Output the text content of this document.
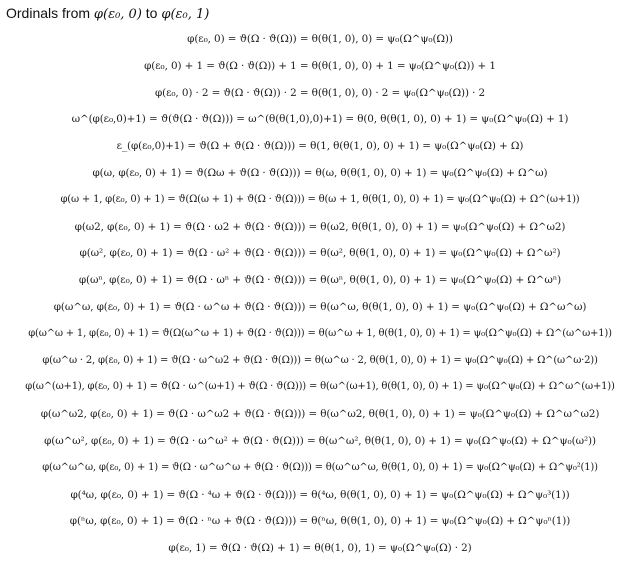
Ordinals from φ(ε₀, 0) to φ(ε₀, 1)
φ(ε₀, 0) = ϑ(Ω · ϑ(Ω)) = θ(θ(1, 0), 0) = ψ₀(Ω^ψ₀(Ω))
φ(ε₀, 0) + 1 = ϑ(Ω · ϑ(Ω)) + 1 = θ(θ(1, 0), 0) + 1 = ψ₀(Ω^ψ₀(Ω)) + 1
φ(ε₀, 0) · 2 = ϑ(Ω · ϑ(Ω)) · 2 = θ(θ(1, 0), 0) · 2 = ψ₀(Ω^ψ₀(Ω)) · 2
ω^(φ(ε₀,0)+1) = ϑ(ϑ(Ω · ϑ(Ω))) = ω^(θ(θ(1,0),0)+1) = θ(0, θ(θ(1, 0), 0) + 1) = ψ₀(Ω^ψ₀(Ω) + 1)
ε_(φ(ε₀,0)+1) = ϑ(Ω + ϑ(Ω · ϑ(Ω))) = θ(1, θ(θ(1, 0), 0) + 1) = ψ₀(Ω^ψ₀(Ω) + Ω)
φ(ω, φ(ε₀, 0) + 1) = ϑ(Ωω + ϑ(Ω · ϑ(Ω))) = θ(ω, θ(θ(1, 0), 0) + 1) = ψ₀(Ω^ψ₀(Ω) + Ω^ω)
φ(ω + 1, φ(ε₀, 0) + 1) = ϑ(Ω(ω + 1) + ϑ(Ω · ϑ(Ω))) = θ(ω + 1, θ(θ(1, 0), 0) + 1) = ψ₀(Ω^ψ₀(Ω) + Ω^(ω+1))
φ(ω2, φ(ε₀, 0) + 1) = ϑ(Ω · ω2 + ϑ(Ω · ϑ(Ω))) = θ(ω2, θ(θ(1, 0), 0) + 1) = ψ₀(Ω^ψ₀(Ω) + Ω^ω2)
φ(ω², φ(ε₀, 0) + 1) = ϑ(Ω · ω² + ϑ(Ω · ϑ(Ω))) = θ(ω², θ(θ(1, 0), 0) + 1) = ψ₀(Ω^ψ₀(Ω) + Ω^ω²)
φ(ωⁿ, φ(ε₀, 0) + 1) = ϑ(Ω · ωⁿ + ϑ(Ω · ϑ(Ω))) = θ(ωⁿ, θ(θ(1, 0), 0) + 1) = ψ₀(Ω^ψ₀(Ω) + Ω^ωⁿ)
φ(ω^ω, φ(ε₀, 0) + 1) = ϑ(Ω · ω^ω + ϑ(Ω · ϑ(Ω))) = θ(ω^ω, θ(θ(1, 0), 0) + 1) = ψ₀(Ω^ψ₀(Ω) + Ω^ω^ω)
φ(ω^ω + 1, φ(ε₀, 0) + 1) = ϑ(Ω(ω^ω + 1) + ϑ(Ω · ϑ(Ω))) = θ(ω^ω + 1, θ(θ(1, 0), 0) + 1) = ψ₀(Ω^ψ₀(Ω) + Ω^(ω^ω+1))
φ(ω^ω · 2, φ(ε₀, 0) + 1) = ϑ(Ω · ω^ω2 + ϑ(Ω · ϑ(Ω))) = θ(ω^ω · 2, θ(θ(1, 0), 0) + 1) = ψ₀(Ω^ψ₀(Ω) + Ω^(ω^ω·2))
φ(ω^(ω+1), φ(ε₀, 0) + 1) = ϑ(Ω · ω^(ω+1) + ϑ(Ω · ϑ(Ω))) = θ(ω^(ω+1), θ(θ(1, 0), 0) + 1) = ψ₀(Ω^ψ₀(Ω) + Ω^ω^(ω+1))
φ(ω^ω2, φ(ε₀, 0) + 1) = ϑ(Ω · ω^ω2 + ϑ(Ω · ϑ(Ω))) = θ(ω^ω2, θ(θ(1, 0), 0) + 1) = ψ₀(Ω^ψ₀(Ω) + Ω^ω^ω2)
φ(ω^ω², φ(ε₀, 0) + 1) = ϑ(Ω · ω^ω² + ϑ(Ω · ϑ(Ω))) = θ(ω^ω², θ(θ(1, 0), 0) + 1) = ψ₀(Ω^ψ₀(Ω) + Ω^ψ₀(ω²))
φ(ω^ω^ω, φ(ε₀, 0) + 1) = ϑ(Ω · ω^ω^ω + ϑ(Ω · ϑ(Ω))) = θ(ω^ω^ω, θ(θ(1, 0), 0) + 1) = ψ₀(Ω^ψ₀(Ω) + Ω^ψ₀²(1))
φ(⁴ω, φ(ε₀, 0) + 1) = ϑ(Ω · ⁴ω + ϑ(Ω · ϑ(Ω))) = θ(⁴ω, θ(θ(1, 0), 0) + 1) = ψ₀(Ω^ψ₀(Ω) + Ω^ψ₀³(1))
φ(ⁿω, φ(ε₀, 0) + 1) = ϑ(Ω · ⁿω + ϑ(Ω · ϑ(Ω))) = θ(ⁿω, θ(θ(1, 0), 0) + 1) = ψ₀(Ω^ψ₀(Ω) + Ω^ψ₀ⁿ(1))
φ(ε₀, 1) = ϑ(Ω · ϑ(Ω) + 1) = θ(θ(1, 0), 1) = ψ₀(Ω^ψ₀(Ω) · 2)
